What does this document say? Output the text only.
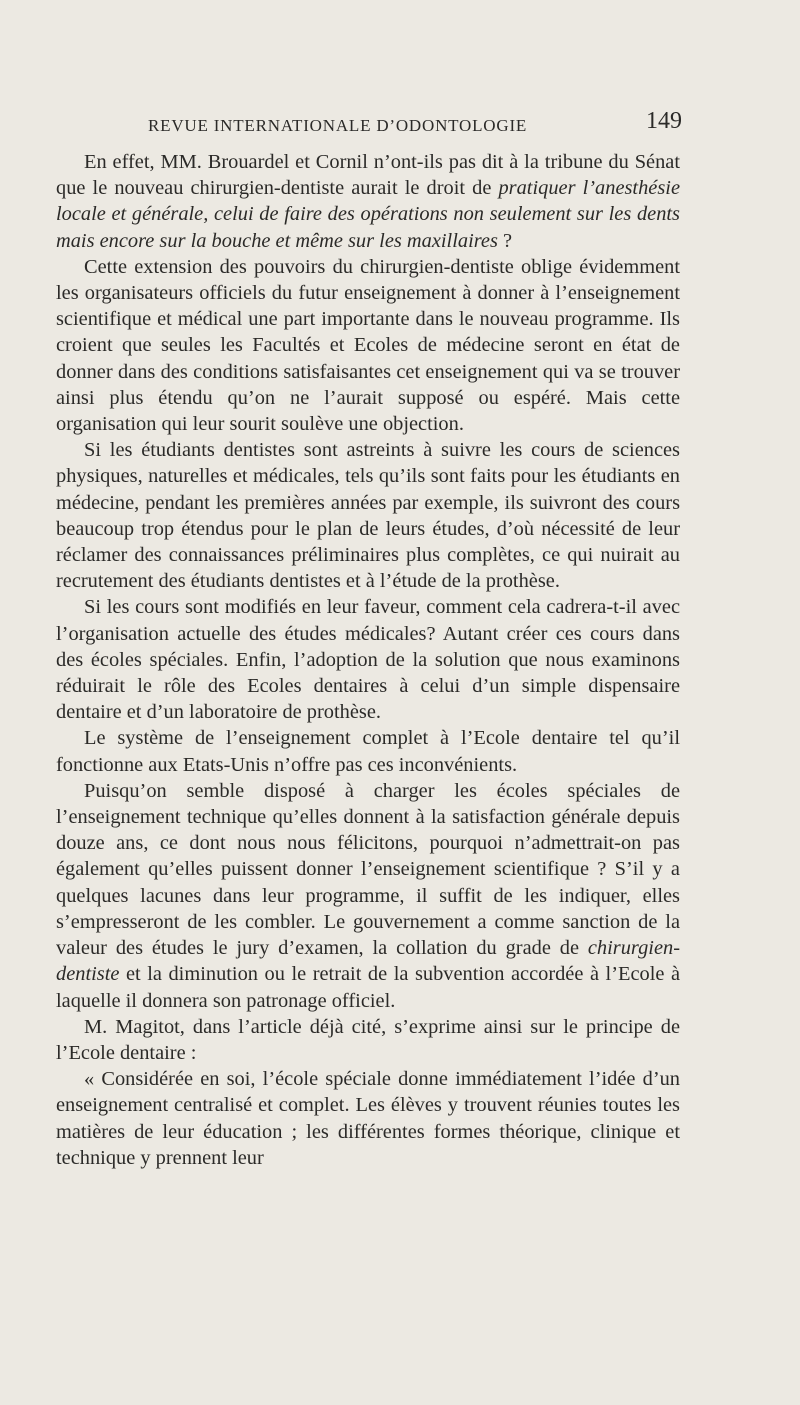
REVUE INTERNATIONALE D’ODONTOLOGIE	149

En effet, MM. Brouardel et Cornil n’ont-ils pas dit à la tribune du Sénat que le nouveau chirurgien-dentiste aurait le droit de pratiquer l’anesthésie locale et générale, celui de faire des opérations non seulement sur les dents mais encore sur la bouche et même sur les maxillaires ?

Cette extension des pouvoirs du chirurgien-dentiste oblige évidemment les organisateurs officiels du futur enseignement à donner à l’enseignement scientifique et médical une part importante dans le nouveau programme. Ils croient que seules les Facultés et Ecoles de médecine seront en état de donner dans des conditions satisfaisantes cet enseignement qui va se trouver ainsi plus étendu qu’on ne l’aurait supposé ou espéré. Mais cette organisation qui leur sourit soulève une objection.

Si les étudiants dentistes sont astreints à suivre les cours de sciences physiques, naturelles et médicales, tels qu’ils sont faits pour les étudiants en médecine, pendant les premières années par exemple, ils suivront des cours beaucoup trop étendus pour le plan de leurs études, d’où nécessité de leur réclamer des connaissances préliminaires plus complètes, ce qui nuirait au recrutement des étudiants dentistes et à l’étude de la prothèse.

Si les cours sont modifiés en leur faveur, comment cela cadrera-t-il avec l’organisation actuelle des études médicales? Autant créer ces cours dans des écoles spéciales. Enfin, l’adoption de la solution que nous examinons réduirait le rôle des Ecoles dentaires à celui d’un simple dispensaire dentaire et d’un laboratoire de prothèse.

Le système de l’enseignement complet à l’Ecole dentaire tel qu’il fonctionne aux Etats-Unis n’offre pas ces inconvénients.

Puisqu’on semble disposé à charger les écoles spéciales de l’enseignement technique qu’elles donnent à la satisfaction générale depuis douze ans, ce dont nous nous félicitons, pourquoi n’admettrait-on pas également qu’elles puissent donner l’enseignement scientifique ? S’il y a quelques lacunes dans leur programme, il suffit de les indiquer, elles s’empresseront de les combler. Le gouvernement a comme sanction de la valeur des études le jury d’examen, la collation du grade de chirurgien-dentiste et la diminution ou le retrait de la subvention accordée à l’Ecole à laquelle il donnera son patronage officiel.

M. Magitot, dans l’article déjà cité, s’exprime ainsi sur le principe de l’Ecole dentaire :

« Considérée en soi, l’école spéciale donne immédiatement l’idée d’un enseignement centralisé et complet. Les élèves y trouvent réunies toutes les matières de leur éducation ; les différentes formes théorique, clinique et technique y prennent leur
